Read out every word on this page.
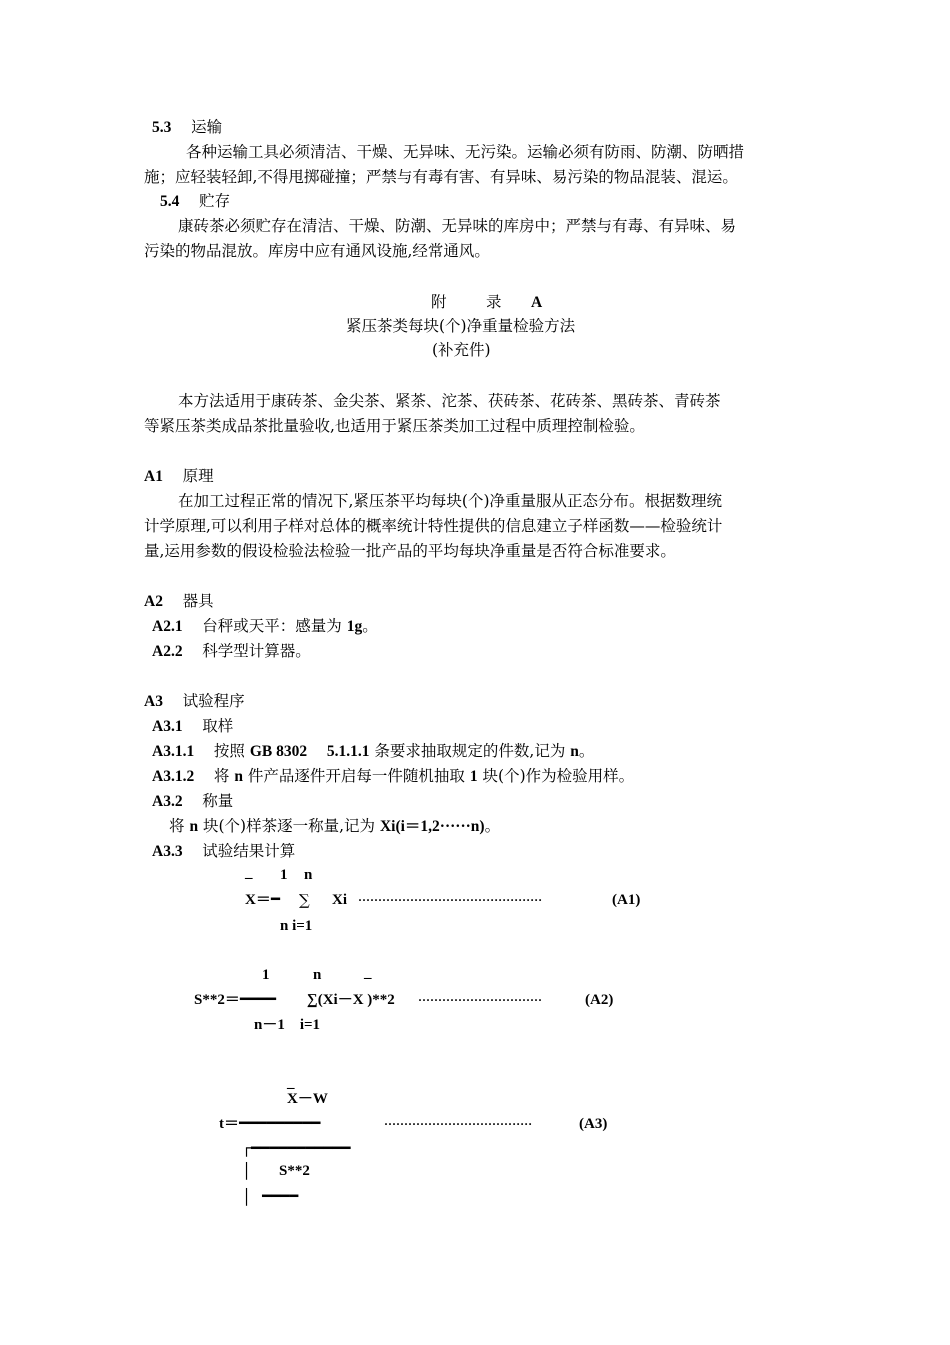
5.3 运输
各种运输工具必须清洁、干燥、无异味、无污染。运输必须有防雨、防潮、防晒措
施；应轻装轻卸,不得甩掷碰撞；严禁与有毒有害、有异味、易污染的物品混装、混运。
5.4 贮存
康砖茶必须贮存在清洁、干燥、防潮、无异味的库房中；严禁与有毒、有异味、易
污染的物品混放。库房中应有通风设施,经常通风。
附	录 A
紧压茶类每块(个)净重量检验方法
(补充件)
本方法适用于康砖茶、金尖茶、紧茶、沱茶、茯砖茶、花砖茶、黑砖茶、青砖茶
等紧压茶类成品茶批量验收,也适用于紧压茶类加工过程中质理控制检验。
A1 原理
在加工过程正常的情况下,紧压茶平均每块(个)净重量服从正态分布。根据数理统
计学原理,可以利用子样对总体的概率统计特性提供的信息建立子样函数——检验统计
量,运用参数的假设检验法检验一批产品的平均每块净重量是否符合标准要求。
A2 器具
A2.1 台秤或天平：感量为 1g。
A2.2 科学型计算器。
A3 试验程序
A3.1 取样
A3.1.1 按照 GB 8302 5.1.1.1 条要求抽取规定的件数,记为 n。
A3.1.2 将 n 件产品逐件开启每一件随机抽取 1 块(个)作为检验用样。
A3.2 称量
将 n 块(个)样茶逐一称量,记为 Xi(i＝1,2······n)。
A3.3 试验结果计算
_ 1 n
X＝━ ∑ Xi ··············································	(A1)
n i=1
1	n	_
S**2＝━━━━ ∑(Xi－X )**2 ·······························	(A2)
n－1    i=1
_
X－W
t＝━━━━━━━━━	·····································	(A3)
┌━━━━━━━━━━━
│ S**2
│ ━━━━
